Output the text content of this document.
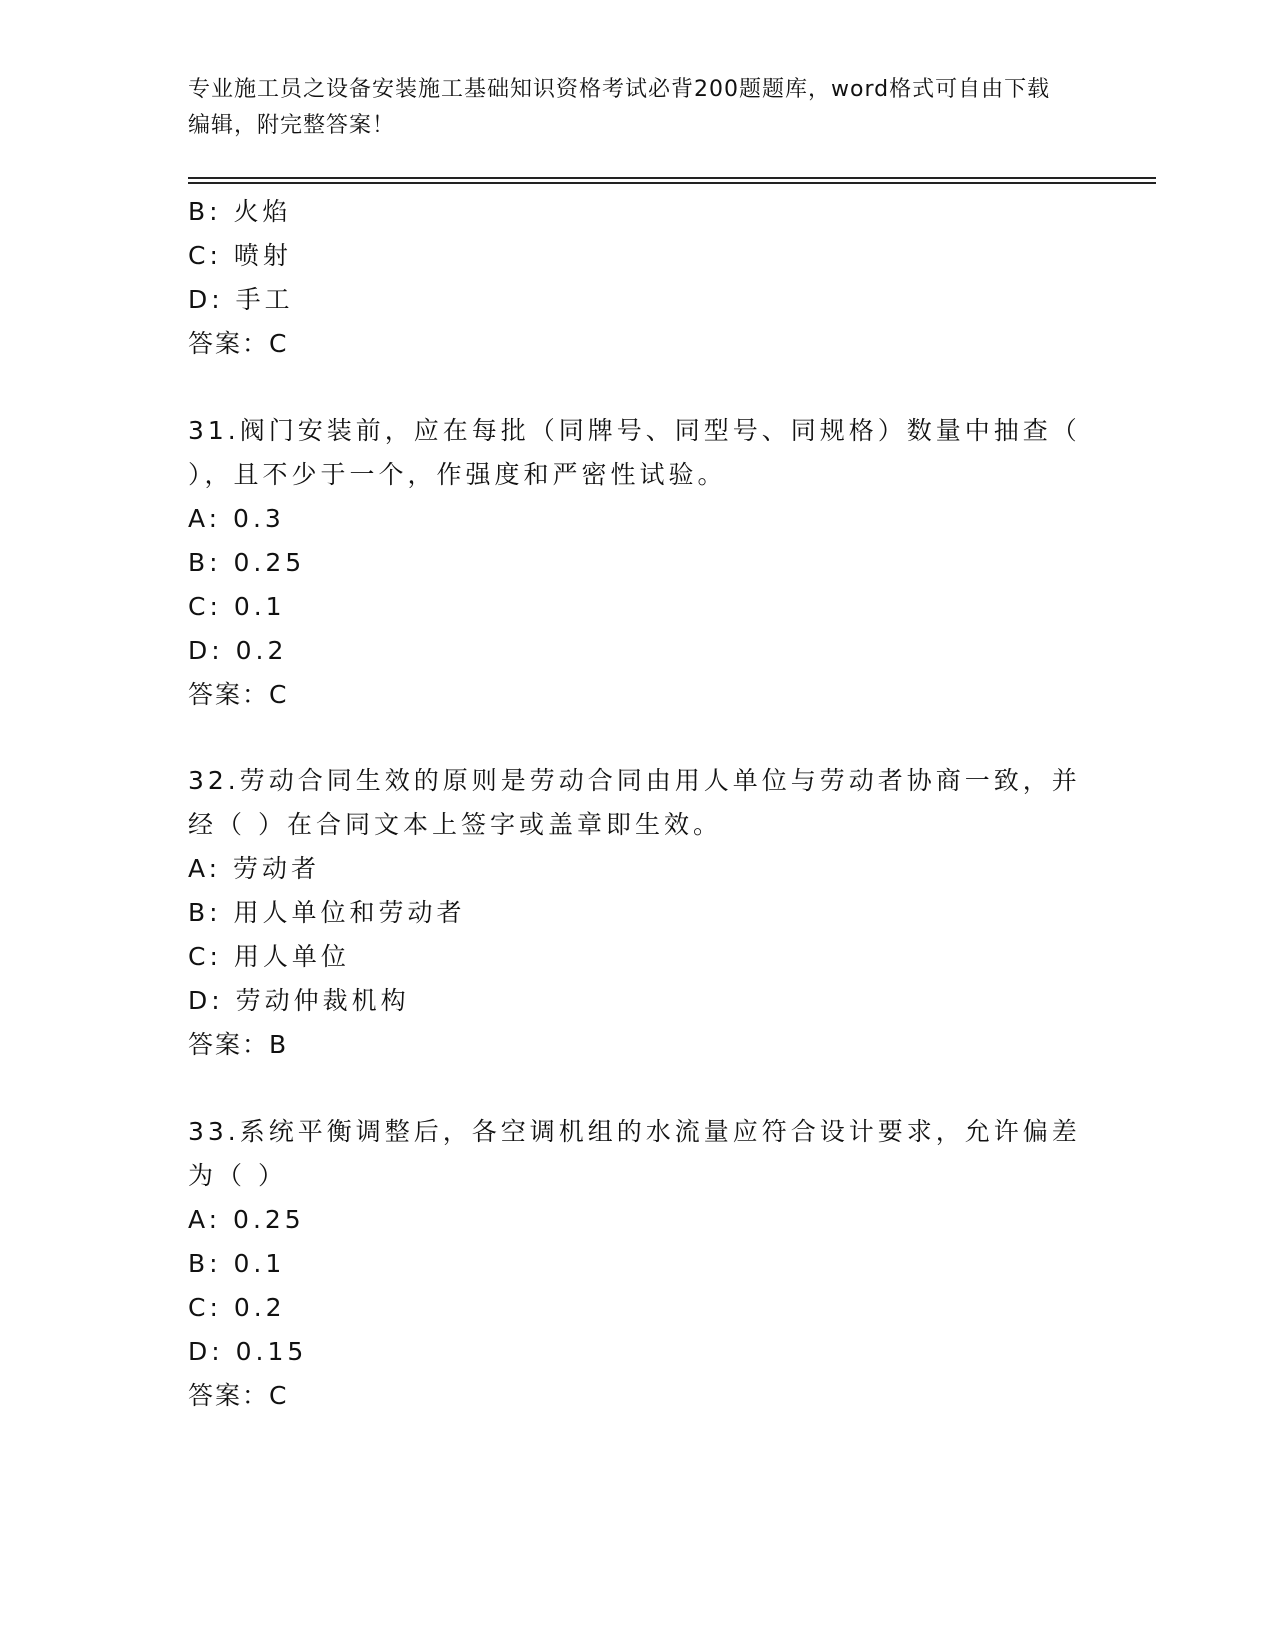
专业施工员之设备安装施工基础知识资格考试必背200题题库，word格式可自由下载编辑，附完整答案！
B: 火焰
C: 喷射
D: 手工
答案：C
31.阀门安装前，应在每批（同牌号、同型号、同规格）数量中抽查（
），且不少于一个，作强度和严密性试验。
A: 0.3
B: 0.25
C: 0.1
D: 0.2
答案：C
32.劳动合同生效的原则是劳动合同由用人单位与劳动者协商一致，并
经（ ）在合同文本上签字或盖章即生效。
A: 劳动者
B: 用人单位和劳动者
C: 用人单位
D: 劳动仲裁机构
答案：B
33.系统平衡调整后，各空调机组的水流量应符合设计要求，允许偏差
为（ ）
A: 0.25
B: 0.1
C: 0.2
D: 0.15
答案：C
